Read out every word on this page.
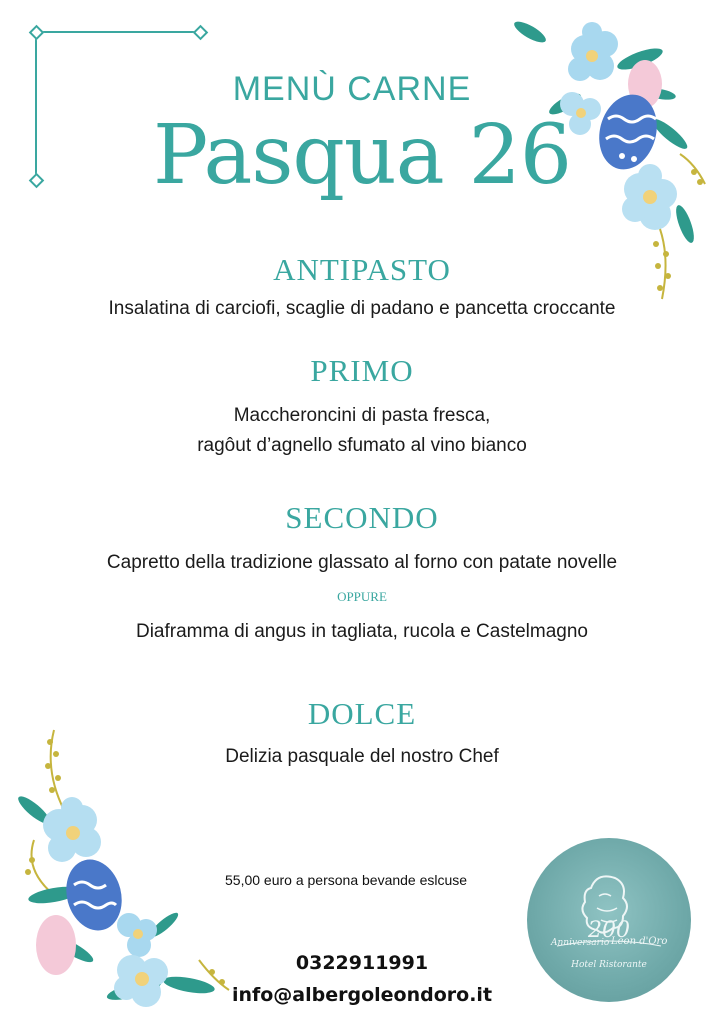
MENÙ CARNE
Pasqua 26
ANTIPASTO
Insalatina di carciofi, scaglie di padano e pancetta croccante
PRIMO
Maccheroncini di pasta fresca,
ragôut d’agnello sfumato al vino bianco
SECONDO
Capretto della tradizione glassato al forno con patate novelle
OPPURE
Diaframma di angus in tagliata, rucola e Castelmagno
DOLCE
Delizia pasquale del nostro Chef
55,00 euro a persona bevande eslcuse
0322911991
info@albergoleondoro.it
200
Anniversario Leon d'Oro
Hotel Ristorante
